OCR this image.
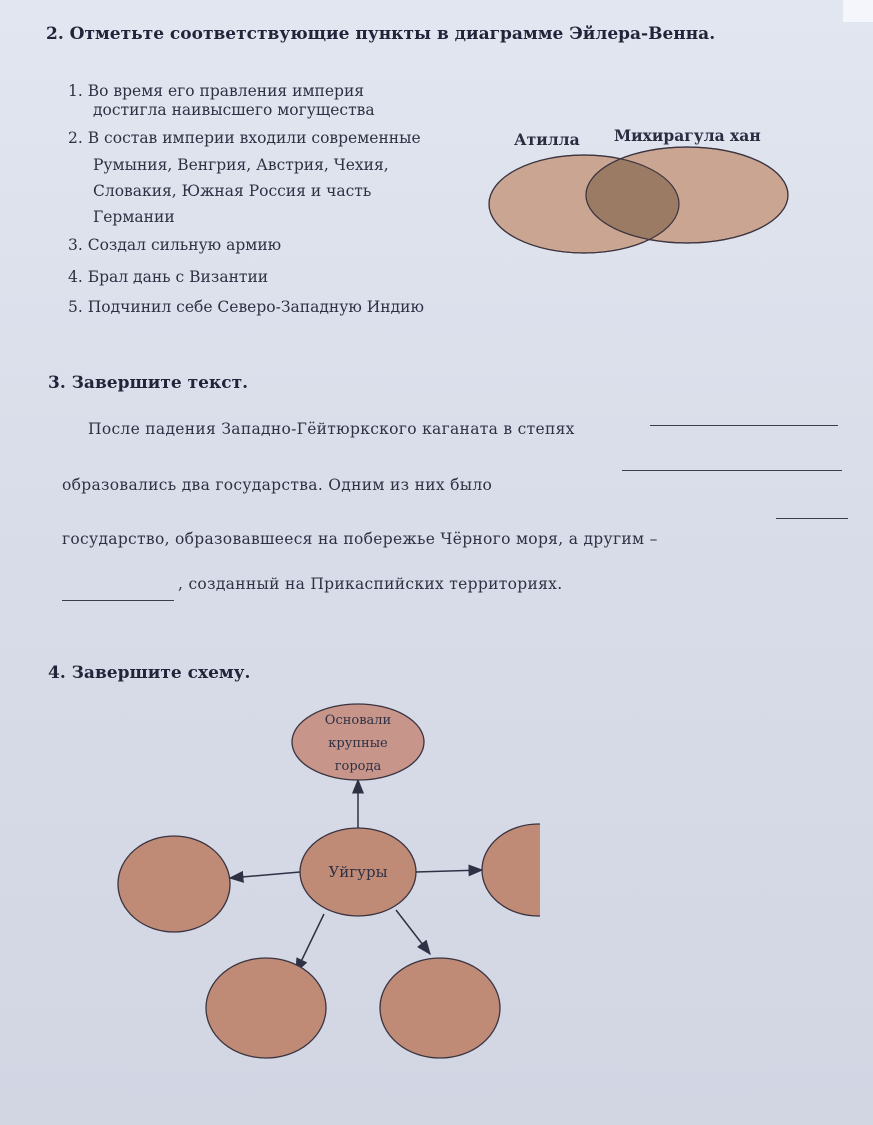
2. Отметьте соответствующие пункты в диаграмме Эйлера-Венна.
1. Во время его правления империя
достигла наивысшего могущества
2. В состав империи входили современные
Румыния, Венгрия, Австрия, Чехия,
Словакия, Южная Россия и часть
Германии
3. Создал сильную армию
4. Брал дань с Византии
5. Подчинил себе Северо-Западную Индию
Атилла Михирагула хан
3. Завершите текст.
После падения Западно-Гёйтюркского каганата в степях
образовались два государства. Одним из них было
государство, образовавшееся на побережье Чёрного моря, а другим –
, созданный на Прикаспийских территориях.
4. Завершите схему.
Основали
крупные
города
Уйгуры
